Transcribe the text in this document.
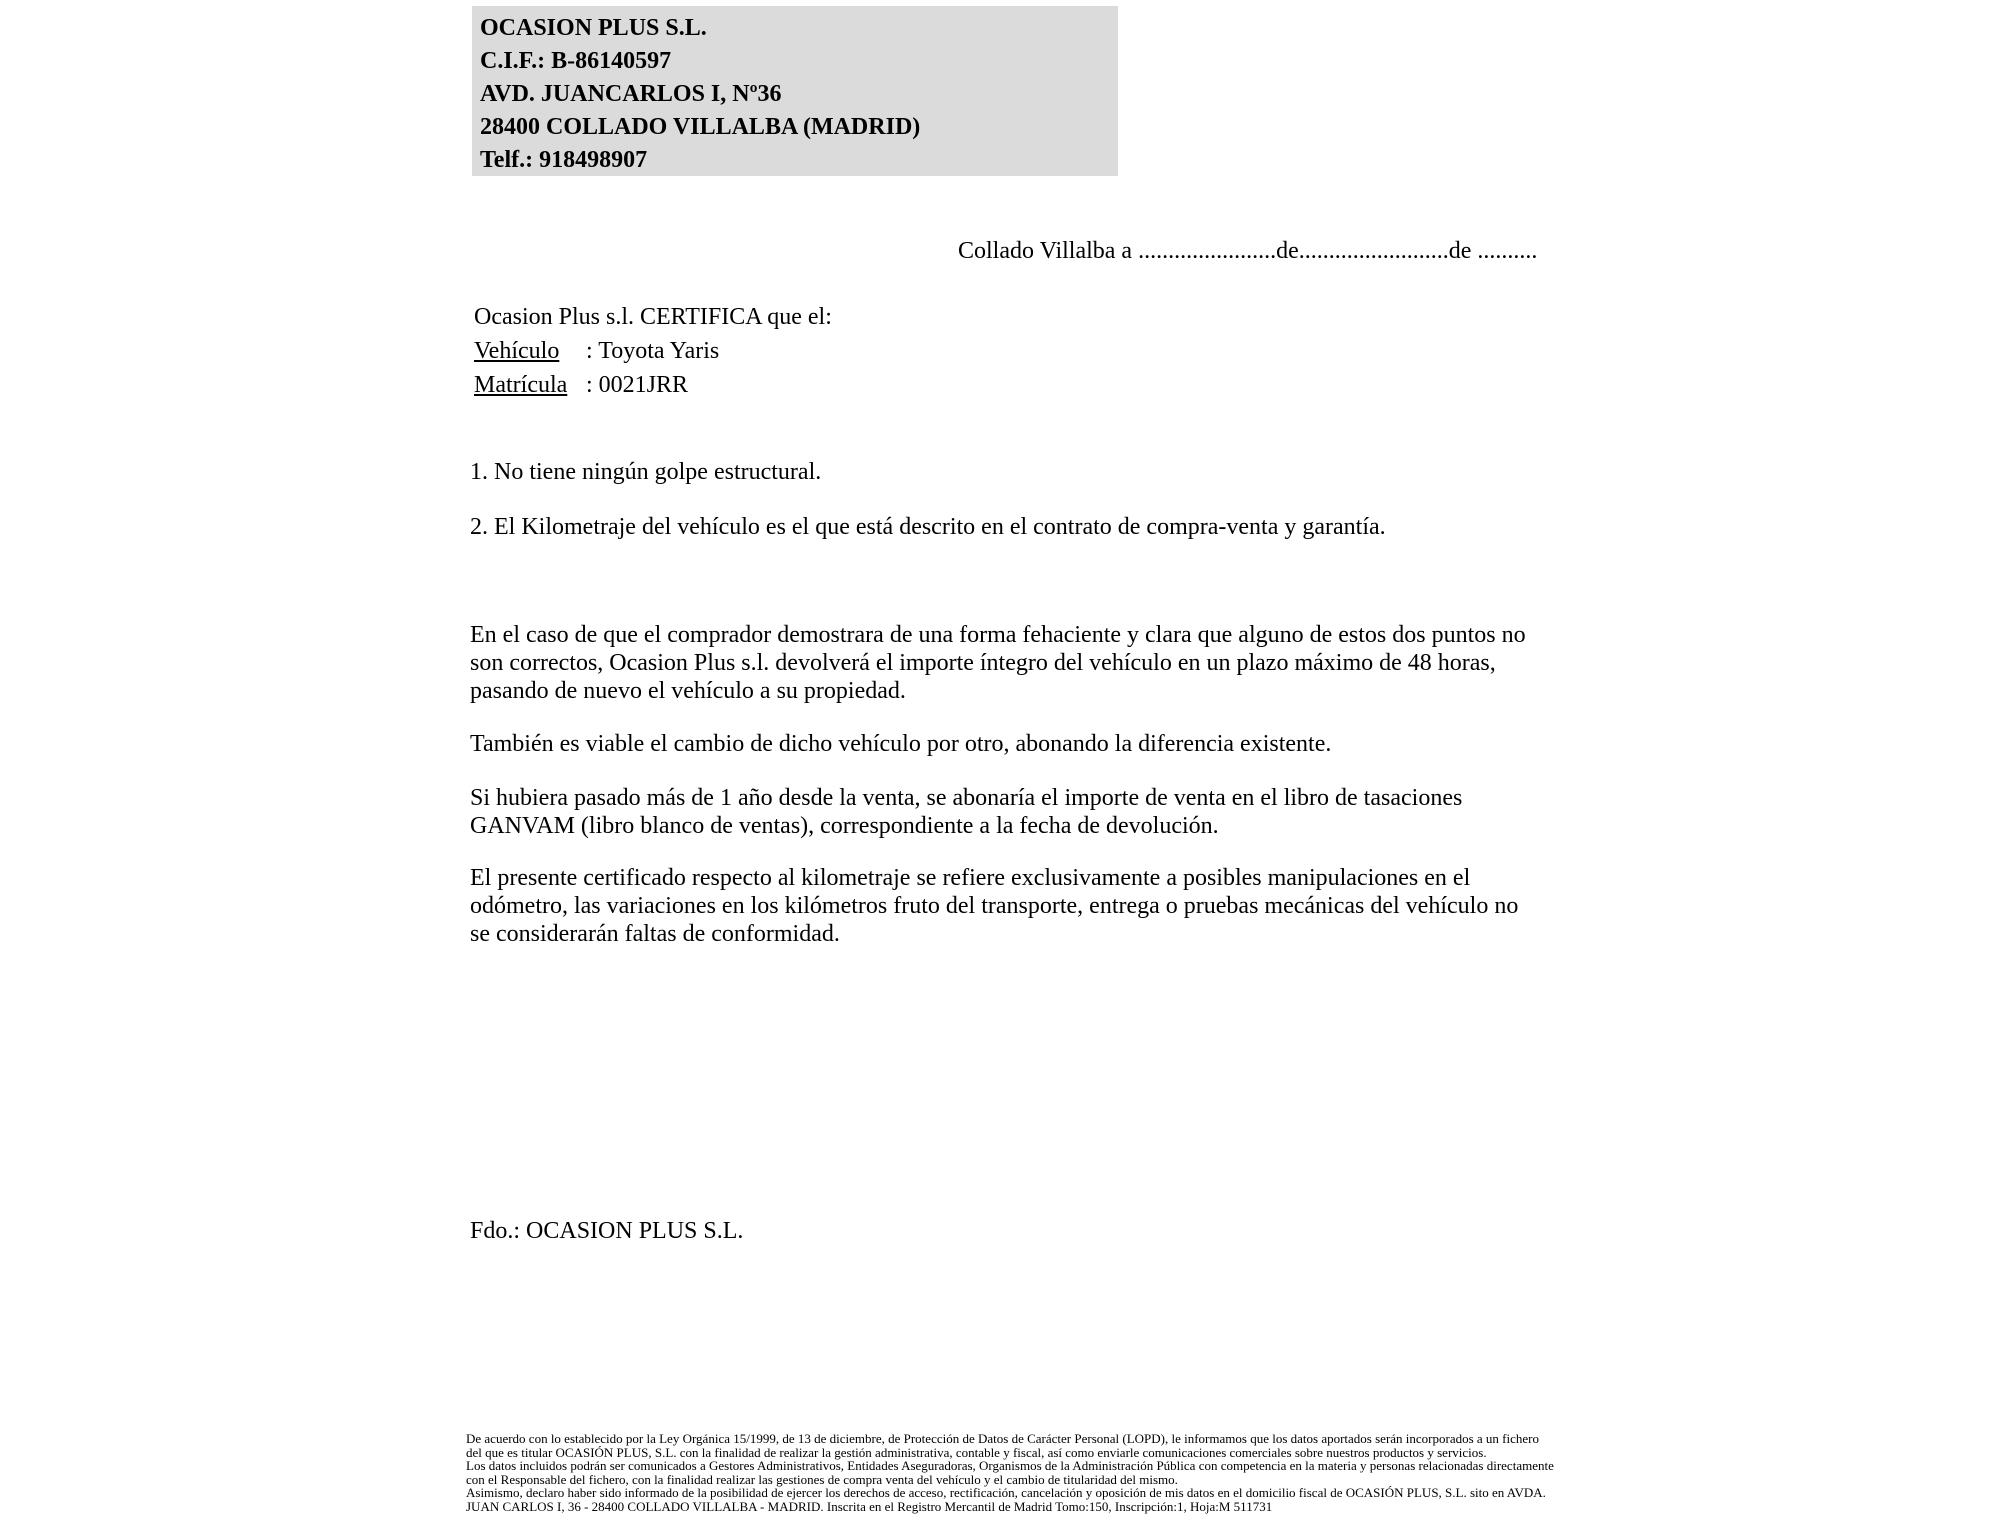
OCASION PLUS S.L.
C.I.F.: B-86140597
AVD. JUANCARLOS I, Nº36
28400 COLLADO VILLALBA (MADRID)
Telf.: 918498907
Collado Villalba a .......................de.........................de ..........
Ocasion Plus s.l. CERTIFICA que el:
Vehículo : Toyota Yaris
Matrícula : 0021JRR
1. No tiene ningún golpe estructural.
2. El Kilometraje del vehículo es el que está descrito en el contrato de compra-venta y garantía.
En el caso de que el comprador demostrara de una forma fehaciente y clara que alguno de estos dos puntos no son correctos, Ocasion Plus s.l. devolverá el importe íntegro del vehículo en un plazo máximo de 48 horas, pasando de nuevo el vehículo a su propiedad.
También es viable el cambio de dicho vehículo por otro, abonando la diferencia existente.
Si hubiera pasado más de 1 año desde la venta, se abonaría el importe de venta en el libro de tasaciones GANVAM (libro blanco de ventas), correspondiente a la fecha de devolución.
El presente certificado respecto al kilometraje se refiere exclusivamente a posibles manipulaciones en el odómetro, las variaciones en los kilómetros fruto del transporte, entrega o pruebas mecánicas del vehículo no se considerarán faltas de conformidad.
Fdo.: OCASION PLUS S.L.

De acuerdo con lo establecido por la Ley Orgánica 15/1999, de 13 de diciembre, de Protección de Datos de Carácter Personal (LOPD), le informamos que los datos aportados serán incorporados a un fichero del que es titular OCASIÓN PLUS, S.L. con la finalidad de realizar la gestión administrativa, contable y fiscal, así como enviarle comunicaciones comerciales sobre nuestros productos y servicios.

Los datos incluidos podrán ser comunicados a Gestores Administrativos, Entidades Aseguradoras, Organismos de la Administración Pública con competencia en la materia y personas relacionadas directamente con el Responsable del fichero, con la finalidad realizar las gestiones de compra venta del vehículo y el cambio de titularidad del mismo.

Asimismo, declaro haber sido informado de la posibilidad de ejercer los derechos de acceso, rectificación, cancelación y oposición de mis datos en el domicilio fiscal de OCASIÓN PLUS, S.L. sito en AVDA. JUAN CARLOS I, 36 - 28400 COLLADO VILLALBA - MADRID. Inscrita en el Registro Mercantil de Madrid Tomo:150, Inscripción:1, Hoja:M 511731
